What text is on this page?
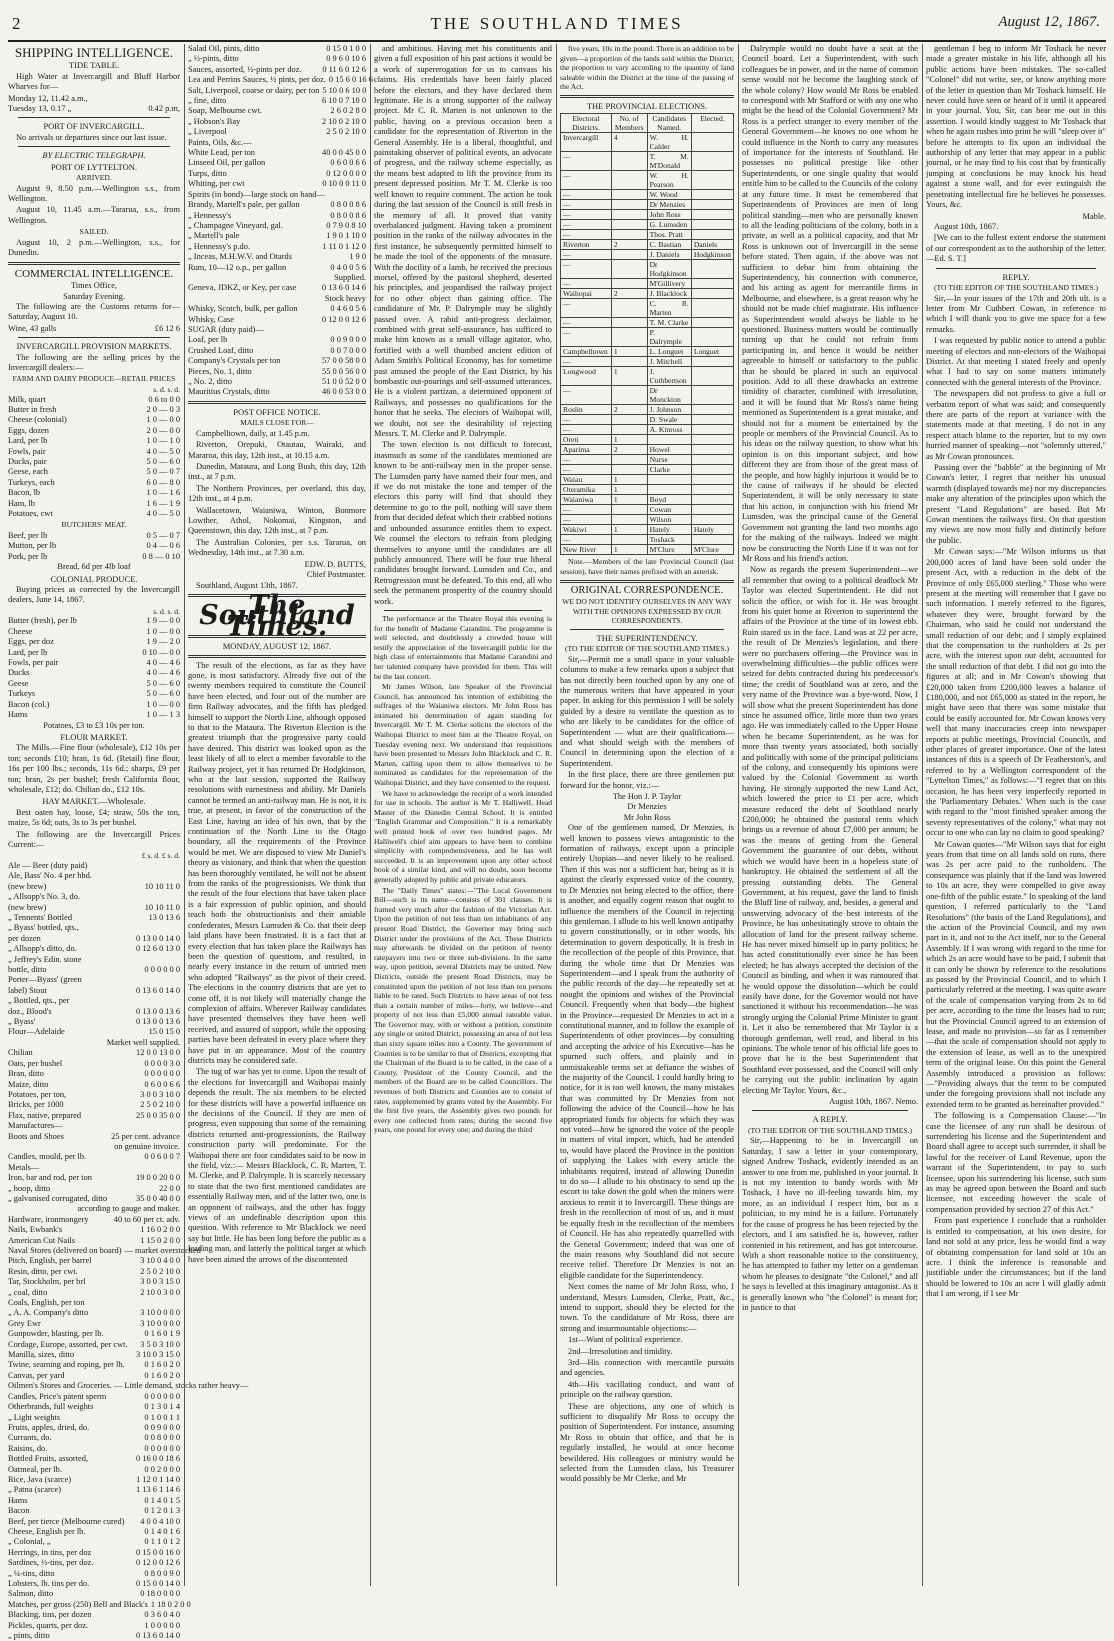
2	THE SOUTHLAND TIMES	August 12, 1867.
SHIPPING INTELLIGENCE.
TIDE TABLE.

High Water at Invercargill and Bluff Harbor Wharves for—

Monday 12, 11.42 a.m.,
Tuesday 13, 0.17 „	0.42 p.m,
PORT OF INVERCARGILL.

No arrivals or departures since our last issue.

BY ELECTRIC TELEGRAPH.
PORT OF LYTTELTON.
ARRIVED.

August 9, 8.50 p.m.—Wellington s.s., from Wellington.

August 10, 11.45 a.m.—Tararua, s.s., from Wellington.

SAILED.

August 10, 2 p.m.—Wellington, s.s., for Dunedin.

COMMERCIAL INTELLIGENCE.
Times Office,
Saturday Evening.

The following are the Customs returns for— Saturday, August 10.

Wine, 43 galls	£6 12 6
INVERCARGILL PROVISION MARKETS.

The following are the selling prices by the Invercargill dealers:—

FARM AND DAIRY PRODUCE—RETAIL PRICES
s. d. s. d.
Milk, quart	0 6 to 0 0
Butter in fresh	2 0 — 0 3
Cheese (colonial)	1 0 — 0 0
Eggs, dozen	2 0 — 0 0
Lard, per lb	1 0 — 1 0
Fowls, pair	4 0 — 5 0
Ducks, pair	5 0 — 6 0
Geese, each	5 0 — 0 7
Turkeys, each	6 0 — 8 0
Bacon, lb	1 0 — 1 6
Ham, lb	1 6 — 1 9
Potatoes, cwt	4 0 — 5 0
BUTCHERS' MEAT.
Beef, per lb	0 5 — 0 7
Mutton, per lb	0 4 — 0 6
Pork, per lb	0 8 — 0 10
Bread, 6d per 4lb loaf
COLONIAL PRODUCE.

Buying prices as corrected by the Invercargill dealers, June 14, 1867.

s. d. s. d.
Butter (fresh), per lb	1 9 — 0 0
Cheese	1 0 — 0 0
Eggs, per doz	1 9 — 2 0
Lard, per lb	0 10 — 0 0
Fowls, per pair	4 0 — 4 6
Ducks	4 0 — 4 6
Geese	5 0 — 6 0
Turkeys	5 0 — 6 0
Bacon (col.)	1 0 — 0 0
Hams	1 0 — 1 3
Potatoes, £3 to £3 10s per ton.
FLOUR MARKET.

The Mills.—Fine flour (wholesale), £12 10s per ton; seconds £10; bran, 1s 6d. (Retail) fine flour, 16s per 100 lbs.; seconds, 11s 6d.; sharps, £9 per ton; bran, 2s per bushel; fresh California flour, wholesale, £12; do. Chilian do., £12 10s.

HAY MARKET.—Wholesale.

Best oaten hay, loose, £4; straw, 50s the ton, maize, 5s 6d; oats, 3s to 3s per bushel.

The following are the Invercargill Prices Current:—

£ s. d. £ s. d.
Ale — Beer (duty paid)
Ale, Bass' No. 4 per hhd.
(new brew)	10 10 11 0
„ Allsopp's No. 3, do.
(new brew)	10 10 11 0
„ Tennents' Bottled	13 0 13 6
„ Byass' bottled, qts.,
per dozen	0 13 0 0 14 0
„ Allsopp's ditto, do.	0 12 6 0 13 0
„ Jeffrey's Edin. stone
bottle, ditto	0 0 0 0 0 0
Porter—Byass' (green
label) Stout	0 13 6 0 14 0
„ Bottled, qts., per
doz., Blood's	0 13 0 0 13 6
„ Byass'	0 13 0 0 13 6
Flour—Adelaide	15 0 15 0
Market well supplied.
Chilian	12 0 0 13 0 0
Oats, per bushel	0 0 0 0 3 0
Bran, ditto	0 0 0 0 0 0
Maize, ditto	0 6 0 0 6 6
Potatoes, per ton,	3 0 0 3 10 0
Bricks, per 1000	2 5 0 2 10 0
Flax, native, prepared	25 0 0 35 0 0
Manufactures—
Boots and Shoes	25 per cent. advance
on genuine invoice.
Candles, mould, per lb.	0 0 6 0 0 7
Metals—
Iron, bar and rod, per ton	19 0 0 20 0 0
„ hoop, ditto	22 0 0
„ galvanised corrugated, ditto	35 0 0 40 0 0
according to gauge and maker.
Hardware, ironmongery	40 to 60 per ct. adv.
Nails, Ewbank's	1 16 0 2 0 0
American Cut Nails	1 15 0 2 0 0
Naval Stores (delivered on board) — market overstocked
Pitch, English, per barrel	3 10 0 4 0 0
Resin, ditto, per cwt.	2 5 0 2 10 0
Tar, Stockholm, per brl	3 0 0 3 15 0
„ coal, ditto	2 10 0 3 0 0
Coals, English, per ton
„ A. A. Company's ditto	3 10 0 0 0 0
Grey Ewr	3 10 0 0 0 0
Gunpowder, blasting, per lb.	0 1 6 0 1 9
Cordage, Europe, assorted, per cwt.	3 5 0 3 10 0
Manilla, sizes, ditto	3 10 0 3 15 0
Twine, seaming and roping, per lb.	0 1 6 0 2 0
Canvas, per yard	0 1 6 0 2 0
Oilmen's Stores and Groceries. — Little demand, stocks rather heavy—
Candles, Price's patent sperm	0 0 0 0 0 0
Otherbrands, full weights	0 1 3 0 1 4
„ Light weights	0 1 0 0 1 1
Fruits, apples, dried, do.	0 0 9 0 0 0
Currants, do.	0 0 8 0 0 0
Raisins, do.	0 0 0 0 0 0
Bottled Fruits, assorted,	0 16 0 0 18 6
Oatmeal, per lb.	0 0 2 0 0 0
Rice, Java (scarce)	1 12 0 1 14 0
„ Patna (scarce)	1 13 6 1 14 6
Hams	0 1 4 0 1 5
Bacon	0 1 2 0 1 3
Beef, per tierce (Melbourne cured)	4 0 0 4 10 0
Cheese, English per lb.	0 1 4 0 1 6
„ Colonial, „	0 1 1 0 1 2
Herrings, in tins, per doz	0 15 0 0 16 0
Sardines, ½-tins, per doz.	0 12 0 0 12 6
„ ¼-tins, ditto	0 8 0 0 9 0
Lobsters, lb. tins per do.	0 15 0 0 14 0
Salmon, ditto	0 18 0 0 0 0
Matches, per gross (250) Bell and Black's 1 18 0 2 0 0
Blacking, tins, per dozen	0 3 6 0 4 0
Pickles, quarts, per doz.	1 0 0 0 0 0
„ pints, ditto	0 13 6 0 14 0
Salad Oil, pints, ditto	0 15 0 1 0 0
„ ½-pints, ditto	0 9 6 0 10 6
Sauces, assorted, ½-pints per doz.	0 11 6 0 12 6
Lea and Perrins Sauces, ½ pints, per doz. 0 15 6 0 16 6
Salt, Liverpool, coarse or dairy, per ton 5 10 0 6 10 0
„ fine, ditto	6 10 0 7 10 0
Soap, Melbourne cwt.	2 6 0 2 8 0
„ Hobson's Bay	2 10 0 2 10 0
„ Liverpool	2 5 0 2 10 0
Paints, Oils, &c.—
White Lead, per ton	40 0 0 45 0 0
Linseed Oil, per gallon	0 6 0 0 6 6
Turps, ditto	0 12 0 0 0 0
Whiting, per cwt	0 10 0 0 11 0
Spirits (in bond)—large stock on hand—
Brandy, Martell's pale, per gallon	0 8 0 0 8 6
„ Hennessy's	0 8 0 0 8 6
„ Champagne Vineyard, gal.	0 7 9 0 8 10
„ Martell's pale	1 9 0 1 10 0
„ Hennessy's p.do.	1 11 0 1 12 0
„ Inceas, M.H.W.V. and Otards	1 9 0
Rum, 10—12 o.p., per gallon	0 4 0 0 5 6
Supplied.
Geneva, JDKZ, or Key, per case	0 13 6 0 14 6
Stock heavy
Whisky, Scotch, bulk, per gallon	0 4 6 0 5 6
Whisky, Case	0 12 0 0 12 6
SUGAR (duty paid)—
Loaf, per lb	0 0 9 0 0 0
Crushed Loaf, ditto	0 0 7 0 0 0
Company's Crystals per ton	57 0 0 58 0 0
Pieces, No. 1, ditto	55 0 0 56 0 0
„ No. 2, ditto	51 0 0 52 0 0
Mauritius Crystals, ditto	46 0 0 53 0 0
POST OFFICE NOTICE.
MAILS CLOSE FOR—

Campbelltown, daily, at 1.45 p.m.

Riverton, Orepuki, Otautau, Wairaki, and Mararoa, this day, 12th inst., at 10.15 a.m.

Dunedin, Mataura, and Long Bush, this day, 12th inst., at 7 p.m.

The Northern Provinces, per overland, this day, 12th inst., at 4 p.m.

Wallacetown, Waianiwa, Winton, Bonmore Lowther, Athol, Nokomai, Kingston, and Queenstown, this day, 12th inst., at 7 p.m.

The Australian Colonies, per s.s. Tararua, on Wednesday, 14th inst., at 7.30 a.m.

EDW. D. BUTTS,
Chief Postmaster.

Southland, August 13th, 1867.

The Southland Times.
MONDAY, AUGUST 12, 1867.

The result of the elections, as far as they have gone, is most satisfactory. Already five out of the twenty members required to constitute the Council have been elected, and four out of the number are firm Railway advocates, and the fifth has pledged himself to support the North Line, although opposed to that to the Mataura. The Riverton Election is the greatest triumph that the progressive party could have desired. This district was looked upon as the least likely of all to elect a member favorable to the Railway project, yet it has returned Dr Hodgkinson, who at the last session, supported the Railway resolutions with earnestness and ability. Mr Daniels cannot be termed an anti-railway man. He is not, it is true, at present, in favor of the construction of the East Line, having an idea of his own, that by the continuation of the North Line to the Otago boundary, all the requirements of the Province would be met. We are disposed to view Mr Daniel's theory as visionary, and think that when the question has been thoroughly ventilated, he will not be absent from the ranks of the progressionists. We think that the result of the four elections that have taken place is a fair expression of public opinion, and should teach both the obstructionists and their amiable confederates, Messrs Lumsden & Co. that their deep laid plans have been frustrated. It is a fact that at every election that has taken place the Railways has been the question of questions, and resulted, in nearly every instance in the return of untried men who adopted "Railways" as the pivot of their creed. The elections in the country districts that are yet to come off, it is not likely will materially change the complexion of affairs. Wherever Railway candidates have presented themselves they have been well received, and assured of support, while the opposing parties have been defeated in every place where they have put in an appearance. Most of the country districts may be considered safe.

The tug of war has yet to come. Upon the result of the elections for Invercargill and Waihopai mainly depends the result. The six members to be elected for these districts will have a powerful influence on the decisions of the Council. If they are men of progress, even supposing that some of the remaining districts returned anti-progressionists, the Railway construction party will predominate. For the Waihopai there are four candidates said to be now in the field, viz.:— Messrs Blacklock, C. R. Marten, T. M. Clerke, and P. Dalrymple. It is scarcely necessary to state that the two first mentioned candidates are essentially Railway men, and of the latter two, one is an opponent of railways, and the other has foggy views of an undefinable description upon this question. With reference to Mr Blacklock we need say but little. He has been long before the public as a leading man, and latterly the political target at which have been aimed the arrows of the discontented

and ambitious. Having met his constituents and given a full exposition of his past actions it would be a work of supererogation for us to canvass his claims. His credentials have been fairly placed before the electors, and they have declared them legitimate. He is a strong supporter of the railway project. Mr C. R. Marten is not unknown to the public, having on a previous occasion been a candidate for the representation of Riverton in the General Assembly. He is a liberal, thoughtful, and painstaking observer of political events, an advocate of progress, and the railway scheme especially, as the means best adapted to lift the province from its present depressed position. Mr T. M. Clerke is too well known to require comment. The action he took during the last session of the Council is still fresh in the memory of all. It proved that vanity overbalanced judgment. Having taken a prominent position in the ranks of the railway advocates in the first instance, he subsequently permitted himself to be made the tool of the opponents of the measure. With the docility of a lamb, he received the precious morsel, offered by the pastoral shepherd, deserted his principles, and jeopardised the railway project for no other object than gaining office. The candidature of Mr. P. Dalrymple may be slightly passed over. A rabid anti-progress declaimor, combined with great self-assurance, has sufficed to make him known as a small village agitator, who, fortified with a well thumbed ancient edition of Adam Smith's Political Economy, has for sometime past amused the people of the East District, by his bombastic out-pourings and self-assumed utterances. He is a violent partizan, a determined opponent of Railways, and possesses no qualifications for the honor that he seeks. The electors of Waihopai will, we doubt, not see the desirability of rejecting Messrs. T. M. Clerke and P. Dalrymple.

The town election is not difficult to forecast, inasmuch as some of the candidates mentioned are known to be anti-railway men in the proper sense. The Lumsden party have named their four men, and if we do not mistake the tone and temper of the electors this party will find that should they determine to go to the poll, nothing will save them from that decided defeat which their crabbed notions and unbounded assurance entitles them to expect. We counsel the electors to refrain from pledging themselves to anyone until the candidates are all publicly announced. There will be four true liberal candidates brought forward. Lumsden and Co., and Retrogression must be defeated. To this end, all who seek the permanent prosperity of the country should work.

The performance at the Theatre Royal this evening is for the benefit of Madame Carandini. The programme is well selected, and doubtlessly a crowded house will testify the appreciation of the Invercargill public for the high class of entertainments that Madame Carandini and her talented company have provided for them. This will be the last concert.

Mr James Wilson, late Speaker of the Provincial Council, has announced his intention of exhibiting the suffrages of the Waianiwa electors. Mr John Ross has intimated his determination of again standing for Invercargill. Mr T. M. Clerke solicits the electors of the Waihopai District to meet him at the Theatre Royal, on Tuesday evening next. We understand that requisitions have been presented to Messrs John Blacklock and C. R. Marten, calling upon them to allow themselves to be nominated as candidates for the representation of the Waihopai District, and they have consented to the request.

We have to acknowledge the receipt of a work intended for use in schools. The author is Mr T. Halliwell, Head Master of the Dunedin Central School. It is entitled "English Grammar and Composition." It is a remarkably well printed book of over two hundred pages. Mr Halliwell's chief aim appears to have been to combine simplicity with comprehensiveness, and he has well succeeded. It is an improvement upon any other school book of a similar kind, and will no doubt, soon become generally adopted by public and private educators.

The "Daily Times" states:—"The Local Government Bill—such is its name—consists of 301 clauses. It is framed very much after the fashion of the Victorian Act. Upon the petition of not less than ten inhabitants of any present Road District, the Governor may bring such District under the provisions of the Act. These Districts may afterwards be divided on the petition of twenty ratepayers into two or three sub-divisions. In the same way, upon petition, several Districts may be united. New Districts, outside the present Road Districts, may be constituted upon the petition of not less than ten persons liable to be rated. Such Districts to have areas of not less than a certain number of miles—forty, we believe—and property of not less than £5,000 annual rateable value. The Governor may, with or without a petition, constitute any single or united District, possessing an area of not less than sixty square miles into a County. The government of Counties is to be similar to that of Districts, excepting that the Chairman of the Board is to be called, in the case of a County, President of the County Council, and the members of the Board are to be called Councillors. The revenues of both Districts and Counties are to consist of rates, supplemented by grants voted by the Assembly. For the first five years, the Assembly gives two pounds for every one collected from rates; during the second five years, one pound for every one; and during the third

five years, 10s in the pound. There is an addition to be given—a proportion of the lands sold within the District; the proportion to vary according to the quantity of land saleable within the District at the time of the passing of the Act.

THE PROVINCIAL ELECTIONS.
Electoral Districts.	No. of Members	Candidates Named.	Elected.
Invercargill	4	W. H. Calder	
—		T. M. M'Donald	
—		W. H. Pearson	
—		W. Wood	
—		Dr Menzies	
—		John Ross	
—		G. Lumsden	
—		Thos. Pratt	
Riverton	2	C. Bastian	Daniels
—		J. Daniels	Hodgkinson
—		Dr Hodgkinson	
—		M'Gillivery	
Waihopai	2	J. Blacklock	
—		C. R. Marten	
—		T. M. Clarke	
—		P. Dalrymple	
Campbelltown	1	L. Longuet	Longuet
—		J. Mitchell	
Longwood	1	J. Cuthbertson	
—		Dr Monckton	
Roslin	2	J. Johnson	
—		D. Swale	
—		A. Kinross	
Oreti	1		
Aparima	2	Howel	
—		Nurse	
—		Clarke	
Waiau	1		
Oteramika	1		
Waianiwa	1	Boyd	
—		Cowan	
—		Wilson	
Wakiwi	1	Hately	Hately
—		Toshack	
New River	1	M'Clure	M'Clure

Note.—Members of the late Provincial Council (last session), have their names prefixed with an asterisk.

ORIGINAL CORRESPONDENCE.
WE DO NOT IDENTIFY OURSELVES IN ANY WAY WITH THE OPINIONS EXPRESSED BY OUR CORRESPONDENTS.
THE SUPERINTENDENCY.
(TO THE EDITOR OF THE SOUTHLAND TIMES.)

Sir,—Permit me a small space in your valuable columns to make a few remarks upon a subject that has not directly been touched upon by any one of the numerous writers that have appeared in your paper. In asking for this permission I will be solely guided by a desire to ventilate the question as to who are likely to be candidates for the office of Superintendent — what are their qualifications—and what should weigh with the members of Council in determining upon the election of a Superintendent.

In the first place, there are three gentlemen put forward for the honor, viz.:—

The Hon J. P. Taylor
Dr Menzies
Mr John Ross

One of the gentlemen named, Dr Menzies, is well known to possess views antagonistic to the formation of railways, except upon a principle entirely Utopian—and never likely to be realised. Then if this was not a sufficient bar, being as it is against the clearly expressed voice of the country, to Dr Menzies not being elected to the office, there is another, and equally cogent reason that ought to influence the members of the Council in rejecting this gentleman. I allude to his well known antipathy to govern constitutionally, or in other words, his determination to govern despotically. It is fresh in the recollection of the people of this Province, that during the whole time that Dr Menzies was Superintendent—and I speak from the authority of the public records of the day—he repeatedly set at nought the opinions and wishes of the Provincial Council. Frequently when that body—the highest in the Province—requested Dr Menzies to act in a constitutional manner, and to follow the example of Superintendents of other provinces—by consulting and accepting the advice of his Executive—has he spurned such offers, and plainly and in unmistakeable terms set at defiance the wishes of the majority of the Council. I could hardly bring to notice, for it is too well known, the many mistakes that was committed by Dr Menzies from not following the advice of the Council—how he has appropriated funds for objects for which they was not voted—how he ignored the voice of the people in matters of vital import, which, had he attended to, would have placed the Province in the position of supplying the Lakes with every article the inhabitants required, instead of allowing Dunedin to do so—I allude to his obstinacy to send up the escort to take down the gold when the miners were anxious to remit it to Invercargill. These things are fresh in the recollection of most of us, and it must be equally fresh in the recollection of the members of Council. He has also repeatedly quarrelled with the General Government; indeed that was one of the main reasons why Southland did not secure receive relief. Therefore Dr Menzies is not an eligible candidate for the Superintendency.

Next comes the name of Mr John Ross, who, I understand, Messrs Lumsden, Clerke, Pratt, &c., intend to support, should they be elected for the town. To the candidature of Mr Ross, there are strong and insurmountable objections:—

1st—Want of political experience.

2nd—Irresolution and timidity.

3rd—His connection with mercantile pursuits and agencies.

4th—His vacillating conduct, and want of principle on the railway question.

These are objections, any one of which is sufficient to disqualify Mr Ross to occupy the position of Superintendent. For instance, assuming Mr Ross to obtain that office, and that he is regularly installed, he would at once become bewildered. His colleagues or ministry would be selected from the Lumsden class, his Treasurer would possibly be Mr Clerke, and Mr

Dalrymple would no doubt have a seat at the Council board. Let a Superintendent, with such colleagues be in power, and in the name of common sense would not be become the laughing stock of the whole colony? How would Mr Ross be enabled to correspond with Mr Stafford or with any one who might be the head of the Colonial Government? Mr Ross is a perfect stranger to every member of the General Government—he knows no one whom he could influence in the North to carry any measures of importance for the interests of Southland. He possesses no political prestige like other Superintendents, or one single quality that would entitle him to be called to the Councils of the colony at any future time. It must be remembered that Superintendents of Provinces are men of long political standing—men who are personally known to all the leading politicians of the colony, both in a private, as well as a political capacity, and that Mr Ross is unknown out of Invercargill in the sense before stated. Then again, if the above was not sufficient to debar him from obtaining the Superintendency, his connection with commerce, and his acting as agent for mercantile firms in Melbourne, and elsewhere, is a great reason why he should not be made chief magistrate. His influence as Superintendent would always be liable to be questioned. Business matters would be continually turning up that he could not refrain from participating in, and hence it would be neither agreeable to himself or satisfactory to the public that he should be placed in such an equivocal position. Add to all these drawbacks an extreme timidity of character, combined with irresolution, and it will be found that Mr Ross's name being mentioned as Superintendent is a great mistake, and should not for a moment be entertained by the people or members of the Provincial Council. As to his ideas on the railway question, to show what his opinion is on this important subject, and how different they are from those of the great mass of the people, and how highly injurious it would be to the cause of railways if he should be elected Superintendent, it will be only necessary to state that his action, in conjunction with his friend Mr Lumsden, was the principal cause of the General Government not granting the land two months ago for the making of the railways. Indeed we might now be constructing the North Line if it was not for Mr Ross and his friend's action.

Now as regards the present Superintendent—we all remember that owing to a political deadlock Mr Taylor was elected Superintendent. He did not solicit the office, or wish for it. He was brought from his quiet home at Riverton to superintend the affairs of the Province at the time of its lowest ebb. Ruin stared us in the face. Land was at 22 per acre, the result of Dr Menzies's legislation, and there were no purchasers offering—the Province was in overwhelming difficulties—the public offices were seized for debts contracted during his predecessor's time; the credit of Southland was at zero, and the very name of the Province was a bye-word. Now, I will show what the present Superintendent has done since he assumed office, little more than two years ago. He was immediately called to the Upper House when he became Superintendent, as he was for more than twenty years associated, both socially and politically with some of the principal politicians of the colony, and consequently his opinions were valued by the Colonial Government as worth having. He strongly supported the new Land Act, which lowered the price to £1 per acre, which measure reduced the debt of Southland nearly £200,000; he obtained the pastoral rents which brings us a revenue of about £7,000 per annum; he was the means of getting from the General Government the guarantee of our debts, without which we would have been in a hopeless state of bankruptcy. He obtained the settlement of all the pressing outstanding debts. The General Government, at his request, gave the land to finish the Bluff line of railway, and, besides, a general and unswerving advocacy of the best interests of the Province, he has unhesitatingly strove to obtain the allocation of land for the present railway scheme. He has never mixed himself up in party politics; he has acted constitutionally ever since he has been elected; he has always accepted the decision of the Council as binding, and when it was rumoured that he would oppose the dissolution—which he could easily have done, for the Governor would not have sanctioned it without his recommendation—he was strongly urging the Colonial Prime Minister to grant it. Let it also be remembered that Mr Taylor is a thorough gentleman, well read, and liberal in his opinions. The whole tenor of his official life goes to prove that he is the best Superintendent that Southland ever possessed, and the Council will only be carrying out the public inclination by again electing Mr Taylor. Yours, &c.,

August 10th, 1867. Nemo.
A REPLY.
(TO THE EDITOR OF THE SOUTHLAND TIMES.)

Sir,—Happening to be in Invercargill on Saturday, I saw a letter in your contemporary, signed Andrew Toshack, evidently intended as an answer to one from me, published in your journal. It is not my intention to bandy words with Mr Toshack, I have no ill-feeling towards him, my more, as an individual I respect him, but as a politician, to my mind he is a failure. Fortunately for the cause of progress he has been rejected by the electors, and I am satisfied he is, however, rather contented in his retirement, and has got intercourse. With a short reasonable notice to the constituency, he has attempted to father my letter on a gentleman whom he pleases to designate "the Colonel," and all he says is levelled at this imaginary antagonist. As it is generally known who "the Colonel" is meant for; in justice to that

gentleman I beg to inform Mr Toshack he never made a greater mistake in his life, although all his public actions have been mistakes. The so-called "Colonel" did not write, see, or know anything more of the letter in question than Mr Toshack himself. He never could have seen or heard of it until it appeared in your journal. You, Sir, can bear me out in this assertion. I would kindly suggest to Mr Toshack that when he again rushes into print he will "sleep over it" before he attempts to fix upon an individual the authorship of any letter that may appear in a public journal, or he may find to his cost that by frantically jumping at conclusions he may knock his head against a stone wall, and for ever extinguish the penetrating intellectual fire he believes he possesses. Yours, &c.

Mable.

August 10th, 1867.

[We can to the fullest extent endorse the statement of our correspondent as to the authorship of the letter.—Ed. S. T.]

REPLY.
(TO THE EDITOR OF THE SOUTHLAND TIMES.)

Sir,—In your issues of the 17th and 20th ult. is a letter from Mr Cuthbert Cowan, in reference to which I will thank you to give me space for a few remarks.

I was requested by public notice to attend a public meeting of electors and non-electors of the Waihopai District. At that meeting I stated freely and openly what I had to say on some matters intimately connected with the general interests of the Province.

The newspapers did not profess to give a full or verbatim report of what was said; and consequently there are parts of the report at variance with the statements made at that meeting. I do not in any respect attach blame to the reporter, but to my own hurried manner of speaking—not "solemnly uttered," as Mr Cowan pronounces.

Passing over the "babble" at the beginning of Mr Cowan's letter, I regret that neither his unusual warmth (displayed towards me) nor my discrepancies make any alteration of the principles upon which the present "Land Regulations" are based. But Mr Cowan mentions the railways first. On that question my views are now most fully and distinctly before the public.

Mr Cowan says:—"Mr Wilson informs us that 200,000 acres of land have been sold under the present Act, with a reduction in the debt of the Province of only £65,000 sterling." Those who were present at the meeting will remember that I gave no such information. I merely referred to the figures, whatever they were, brought forward by the Chairman, who said he could not understand the small reduction of our debt; and I simply explained that the compensation to the runholders at 2s per acre, with the interest upon our debt, accounted for the small reduction of that debt. I did not go into the figures at all; and in Mr Cowan's showing that £20,000 taken from £200,000 leaves a balance of £180,000, and not £65,000 as stated in the report, he might have seen that there was some mistake that could be easily accounted for. Mr Cowan knows very well that many inaccuracies creep into newspaper reports at public meetings, Provincial Councils, and other places of greater importance. One of the latest instances of this is a speech of Dr Featherston's, and referred to by a Wellington correspondent of the "Lyttelton Times," as follows:—"I regret that on this occasion, he has been very imperfectly reported in the 'Parliamentary Debates.' When such is the case with regard to the "most finished speaker among the seventy representatives of the colony," what may not occur to one who can lay no claim to good speaking?

Mr Cowan quotes—"Mr Wilson says that for eight years from that time on all lands sold on runs, there was 2s per acre paid to the runholders. The consequence was plainly that if the land was lowered to 10s an acre, they were compelled to give away one-fifth of the public estate." In speaking of the land question, I referred particularly to the "Land Resolutions" (the basis of the Land Regulations), and the action of the Provincial Council, and my own part in it, and not to the Act itself, nor to the General Assembly. If I was wrong with regard to the time for which 2s an acre would have to be paid, I submit that it can only be shown by reference to the resolutions as passed by the Provincial Council, and to which I particularly referred at the meeting. I was quite aware of the scale of compensation varying from 2s to 6d per acre, according to the time the leases had to run; but the Provincial Council agreed to an extension of lease, and made no provision—so far as I remember—that the scale of compensation should not apply to the extension of lease, as well as to the unexpired term of the original lease. On this point the General Assembly introduced a provision as follows:—"Providing always that the term to be computed under the foregoing provisions shall not include any extended term to be granted as hereinafter provided."

The following is a Compensation Clause:—"In case the licensee of any run shall be desirous of surrendering his license and the Superintendent and Board shall agree to accept such surrender, it shall be lawful for the receiver of Land Revenue, upon the warrant of the Superintendent, to pay to such licensee, upon his surrendering his license, such sum as may be agreed upon between the Board and such licensee, not exceeding however the scale of compensation provided by section 27 of this Act."

From past experience I conclude that a runholder is entitled to compensation, at his own desire, for land not sold at any price, less he would find a way of obtaining compensation for land sold at 10s an acre. I think the inference is reasonable and justifiable under the circumstances; but if the land should be lowered to 10s an acre I will gladly admit that I am wrong, if I see Mr
